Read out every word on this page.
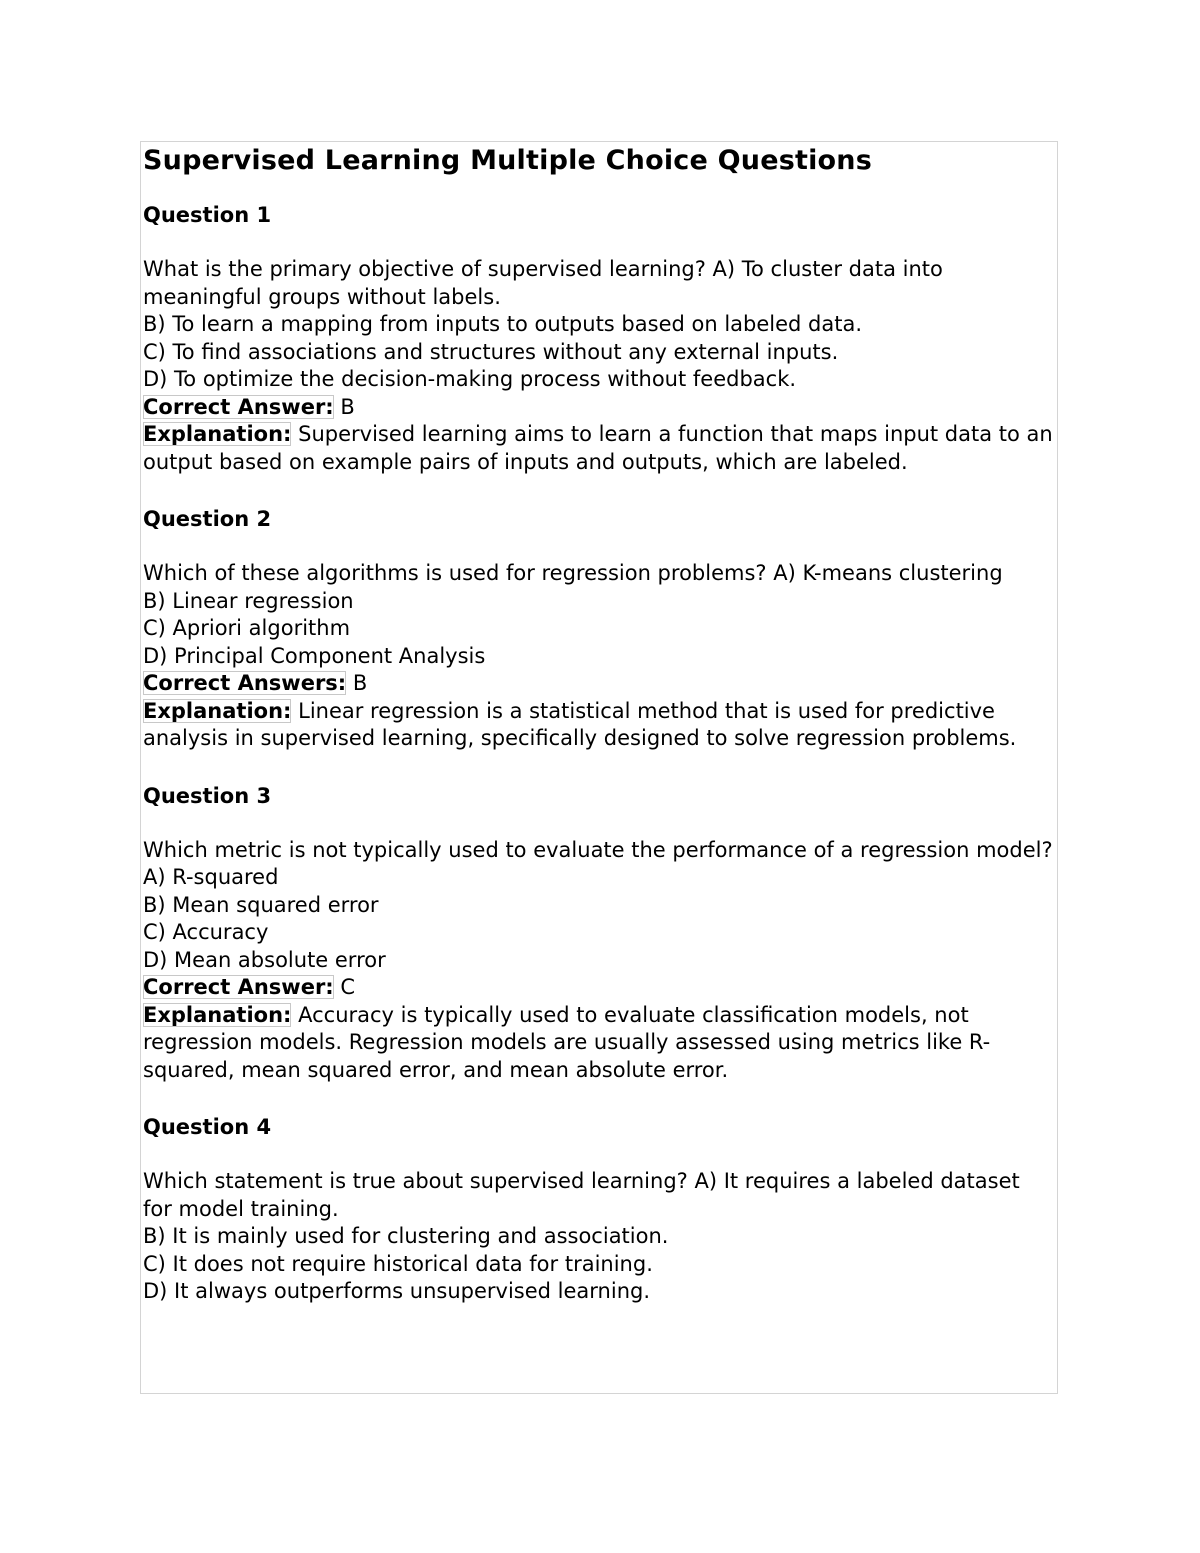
Supervised Learning Multiple Choice Questions
Question 1
What is the primary objective of supervised learning? A) To cluster data into meaningful groups without labels.
B) To learn a mapping from inputs to outputs based on labeled data.
C) To find associations and structures without any external inputs.
D) To optimize the decision-making process without feedback.
Correct Answer: B
Explanation: Supervised learning aims to learn a function that maps input data to an output based on example pairs of inputs and outputs, which are labeled.
Question 2
Which of these algorithms is used for regression problems? A) K-means clustering
B) Linear regression
C) Apriori algorithm
D) Principal Component Analysis
Correct Answers: B
Explanation: Linear regression is a statistical method that is used for predictive analysis in supervised learning, specifically designed to solve regression problems.
Question 3
Which metric is not typically used to evaluate the performance of a regression model? A) R-squared
B) Mean squared error
C) Accuracy
D) Mean absolute error
Correct Answer: C
Explanation: Accuracy is typically used to evaluate classification models, not regression models. Regression models are usually assessed using metrics like R-squared, mean squared error, and mean absolute error.
Question 4
Which statement is true about supervised learning? A) It requires a labeled dataset for model training.
B) It is mainly used for clustering and association.
C) It does not require historical data for training.
D) It always outperforms unsupervised learning.
